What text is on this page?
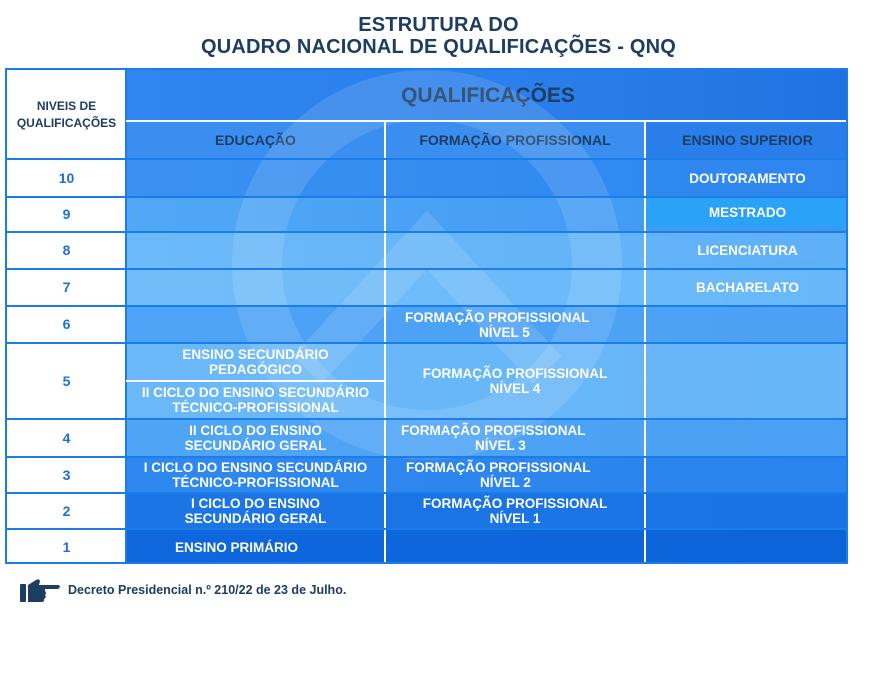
ESTRUTURA DO
QUADRO NACIONAL DE QUALIFICAÇÕES - QNQ
NIVEIS DE
QUALIFICAÇÕES
QUALIFICAÇÕES
EDUCAÇÃO	FORMAÇÃO PROFISSIONAL	ENSINO SUPERIOR
10
9
8
7
6
5
4
3
2
1
ENSINO SECUNDÁRIO
PEDAGÓGICO
II CICLO DO ENSINO SECUNDÁRIO
TÉCNICO-PROFISSIONAL
II CICLO DO ENSINO
SECUNDÁRIO GERAL
I CICLO DO ENSINO SECUNDÁRIO
TÉCNICO-PROFISSIONAL
I CICLO DO ENSINO
SECUNDÁRIO GERAL
ENSINO PRIMÁRIO
FORMAÇÃO PROFISSIONAL
NÍVEL 5
FORMAÇÃO PROFISSIONAL
NÍVEL 4
FORMAÇÃO PROFISSIONAL
NÍVEL 3
FORMAÇÃO PROFISSIONAL
NÍVEL 2
FORMAÇÃO PROFISSIONAL
NÍVEL 1
DOUTORAMENTO
MESTRADO
LICENCIATURA
BACHARELATO
Decreto Presidencial n.º 210/22 de 23 de Julho.
